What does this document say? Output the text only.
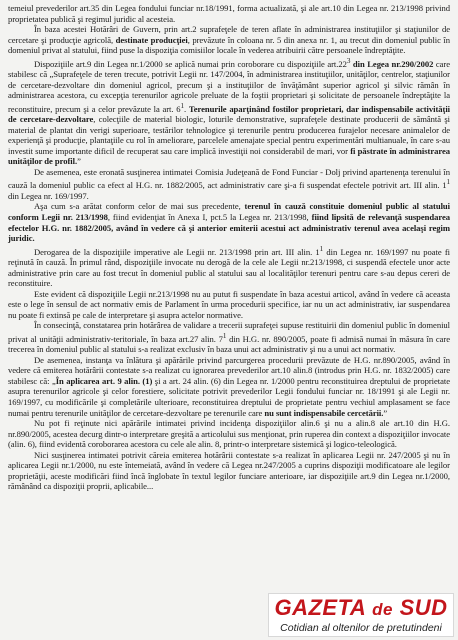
temeiul prevederilor art.35 din Legea fondului funciar nr.18/1991, forma actualizată, şi ale art.10 din Legea nr. 213/1998 privind proprietatea publică şi regimul juridic al acesteia.

În baza acestei Hotărâri de Guvern, prin art.2 suprafeţele de teren aflate în administrarea instituţiilor şi staţiunilor de cercetare şi producţie agricolă, destinate producţiei, prevăzute în coloana nr. 5 din anexa nr. 1, au trecut din domeniul public în domeniul privat al statului, fiind puse la dispoziţia comisiilor locale în vederea atribuirii către persoanele îndreptăţite.

Dispoziţiile art.9 din Legea nr.1/2000 se aplică numai prin coroborare cu dispoziţiile $art.22^3$ din Legea nr.290/2002 care stabilesc că „Suprafeţele de teren trecute, potrivit Legii nr. 147/2004, în administrarea instituţiilor, unităţilor, centrelor, staţiunilor de cercetare-dezvoltare din domeniul agricol, precum şi a instituţiilor de învăţământ superior agricol şi silvic rămân în administrarea acestora, cu excepţia terenurilor agricole preluate de la foştii proprietari şi solicitate de persoanele îndreptăţite la reconstituire, precum şi a celor prevăzute la art. $6^1$. Terenurile aparţinând fostilor proprietari, dar indispensabile activităţii de cercetare-dezvoltare, colecţiile de material biologic, loturile demonstrative, suprafeţele destinate producerii de sământă şi material de plantat din verigi superioare, testărilor tehnologice şi terenurile pentru producerea furajelor necesare animalelor de experienţă şi producţie, plantaţiile cu rol în ameliorare, parcelele amenajate special pentru experimentări multianuale, în care s-au investit sume importante dificil de recuperat sau care implică investiţii noi considerabil de mari, vor fi păstrate în administrarea unităţilor de profil.”

De asemenea, este eronată susţinerea intimatei Comisia Judeţeană de Fond Funciar - Dolj privind apartenenţa terenului în cauză la domeniul public ca efect al H.G. nr. 1882/2005, act administrativ care şi-a fi suspendat efectele potrivit art. III alin. $1^1$ din Legea nr. 169/1997.

Aşa cum s-a arătat conform celor de mai sus precedente, terenul în cauză constituie domeniul public al statului conform Legii nr. 213/1998, fiind evidenţiat în Anexa I, pct.5 la Legea nr. 213/1998, fiind lipsită de relevanţă suspendarea efectelor H.G. nr. 1882/2005, având în vedere că şi anterior emiterii acestui act administrativ terenul avea acelaşi regim juridic.

Derogarea de la dispoziţiile imperative ale Legii nr. 213/1998 prin art. III alin. $1^1$ din Legea nr. 169/1997 nu poate fi reţinută în cauză. În primul rând, dispoziţiile invocate nu derogă de la cele ale Legii nr.213/1998, ci suspendă efectele unor acte administrative prin care au fost trecut în domeniul public al statului sau al localităţilor terenuri pentru care s-au depus cereri de reconstituire.

Este evident că dispoziţiile Legii nr.213/1998 nu au putut fi suspendate în baza acestui articol, având în vedere că aceasta este o lege în sensul de act normativ emis de Parlament în urma procedurii specifice, iar nu un act administrativ, iar suspendarea nu poate fi extinsă pe cale de interpretare şi asupra actelor normative.

În consecinţă, constatarea prin hotărârea de validare a trecerii suprafeţei supuse restituirii din domeniul public în domeniul privat al unităţii administrativ-teritoriale, în baza art.27 alin. $7^1$ din H.G. nr. 890/2005, poate fi admisă numai în măsura în care trecerea în domeniul public al statului s-a realizat exclusiv în baza unui act administrativ şi nu a unui act normativ.

De asemenea, instanţa va înlătura şi apărările privind parcurgerea procedurii prevăzute de H.G. nr.890/2005, având în vedere că emiterea hotărârii contestate s-a realizat cu ignorarea prevederilor art.10 alin.8 (introdus prin H.G. nr. 1832/2005) care stabilesc că: „În aplicarea art. 9 alin. (1) şi a art. 24 alin. (6) din Legea nr. 1/2000 pentru reconstituirea dreptului de proprietate asupra terenurilor agricole şi celor forestiere, solicitate potrivit prevederilor Legii fondului funciar nr. 18/1991 şi ale Legii nr. 169/1997, cu modificările şi completările ulterioare, reconstituirea dreptului de proprietate pentru vechiul amplasament se face numai pentru terenurile unităţilor de cercetare-dezvoltare pe terenurile care nu sunt indispensabile cercetării.”

Nu pot fi reţinute nici apărările intimatei privind incidenţa dispoziţiilor alin.6 şi nu a alin.8 ale art.10 din H.G. nr.890/2005, acestea decurg dintr-o interpretare greşită a articolului sus menţionat, prin ruperea din context a dispoziţiilor invocate (alin. 6), fiind evidentă coroborarea acestora cu cele ale alin. 8, printr-o interpretare sistemică şi logico-teleologică.

Nici susţinerea intimatei potrivit căreia emiterea hotărârii contestate s-a realizat în aplicarea Legii nr. 247/2005 şi nu în aplicarea Legii nr.1/2000, nu este întemeiată, având în vedere că Legea nr.247/2005 a cuprins dispoziţii modificatoare ale legilor proprietăţii, aceste modificări fiind încă înglobate în textul legilor funciare anterioare, iar dispoziţiile art.9 din Legea nr.1/2000, rămânând ca dispoziţii proprii, aplicabile...

GAZETA de SUD
Cotidian al oltenilor de pretutindeni
